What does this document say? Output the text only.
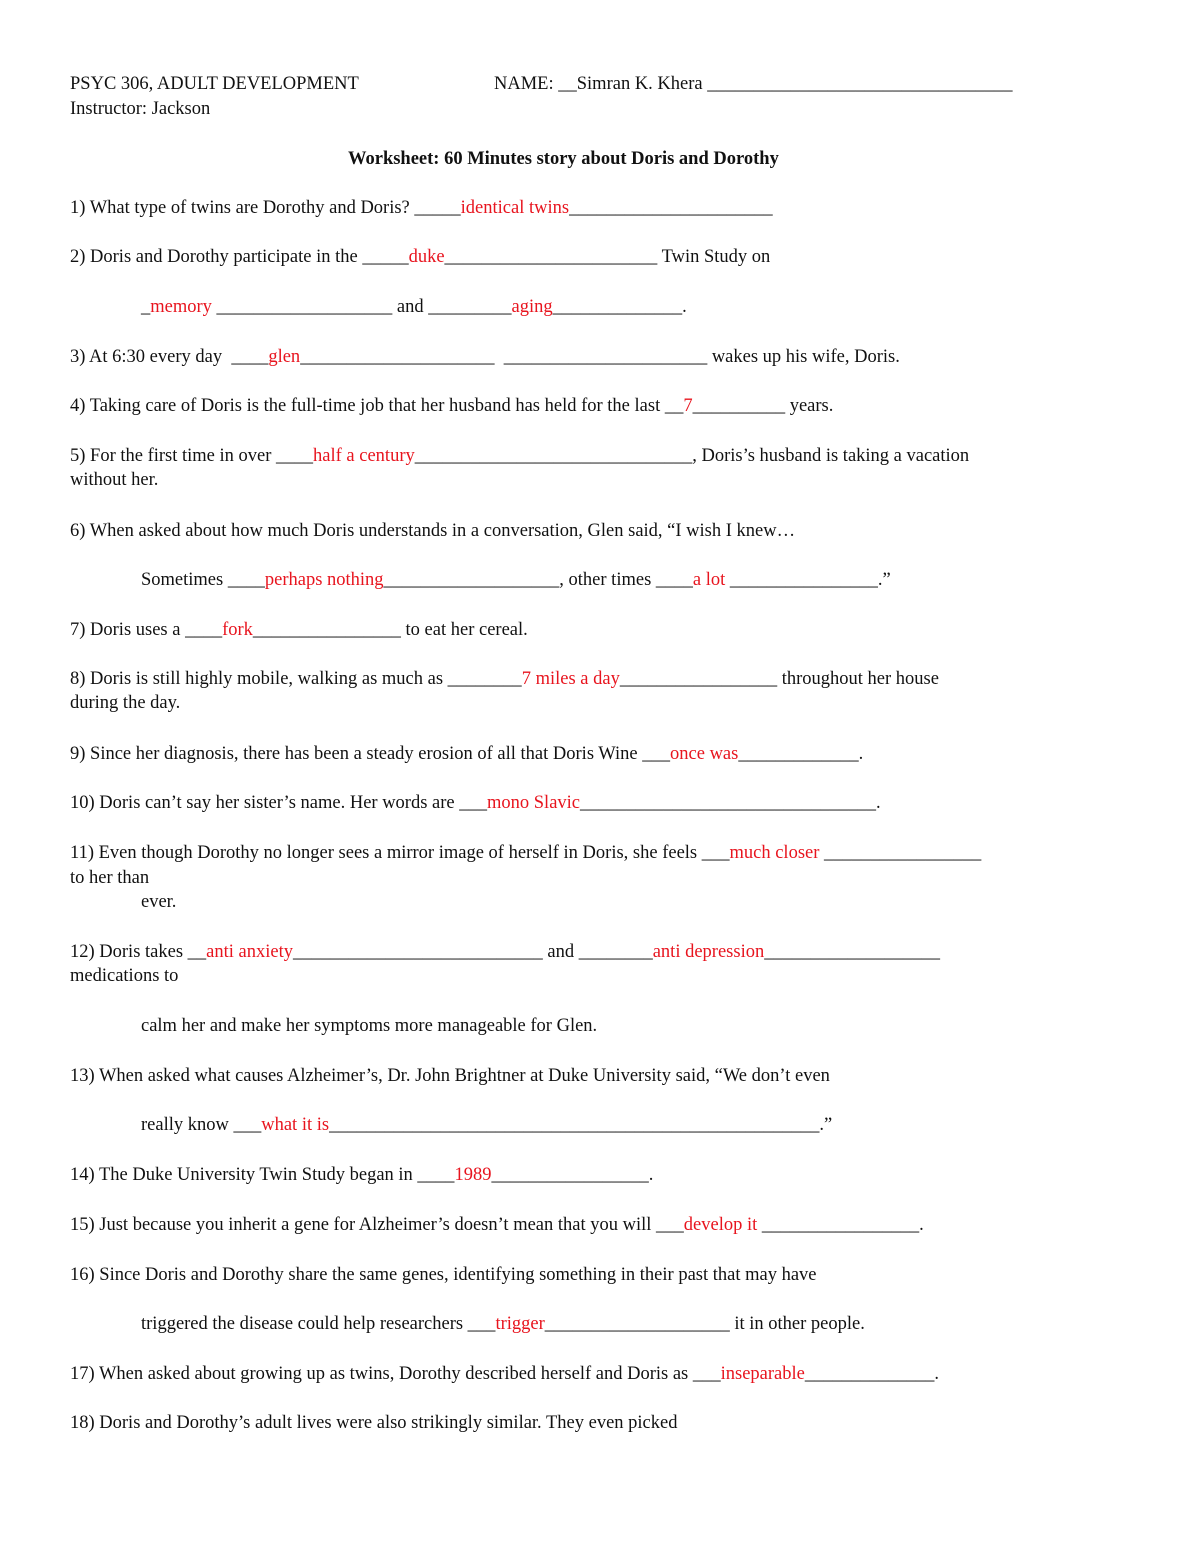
PSYC 306, ADULT DEVELOPMENT	NAME: __Simran K. Khera _________________________________
Instructor: Jackson
Worksheet: 60 Minutes story about Doris and Dorothy
1) What type of twins are Dorothy and Doris? _____identical twins______________________
2) Doris and Dorothy participate in the _____duke_______________________ Twin Study on
_memory ___________________ and _________aging______________.
3) At 6:30 every day  ____glen_____________________  ______________________ wakes up his wife, Doris.
4) Taking care of Doris is the full-time job that her husband has held for the last __7__________ years.
5) For the first time in over ____half a century______________________________, Doris’s husband is taking a vacation
without her.
6) When asked about how much Doris understands in a conversation, Glen said, “I wish I knew…
Sometimes ____perhaps nothing___________________, other times ____a lot ________________.”
7) Doris uses a ____fork________________ to eat her cereal.
8) Doris is still highly mobile, walking as much as ________7 miles a day_________________ throughout her house
during the day.
9) Since her diagnosis, there has been a steady erosion of all that Doris Wine ___once was_____________.
10) Doris can’t say her sister’s name. Her words are ___mono Slavic________________________________.
11) Even though Dorothy no longer sees a mirror image of herself in Doris, she feels ___much closer _________________
to her than
ever.
12) Doris takes __anti anxiety___________________________ and ________anti depression___________________
medications to
calm her and make her symptoms more manageable for Glen.
13) When asked what causes Alzheimer’s, Dr. John Brightner at Duke University said, “We don’t even
really know ___what it is_____________________________________________________.”
14) The Duke University Twin Study began in ____1989_________________.
15) Just because you inherit a gene for Alzheimer’s doesn’t mean that you will ___develop it _________________.
16) Since Doris and Dorothy share the same genes, identifying something in their past that may have
triggered the disease could help researchers ___trigger____________________ it in other people.
17) When asked about growing up as twins, Dorothy described herself and Doris as ___inseparable______________.
18) Doris and Dorothy’s adult lives were also strikingly similar. They even picked
